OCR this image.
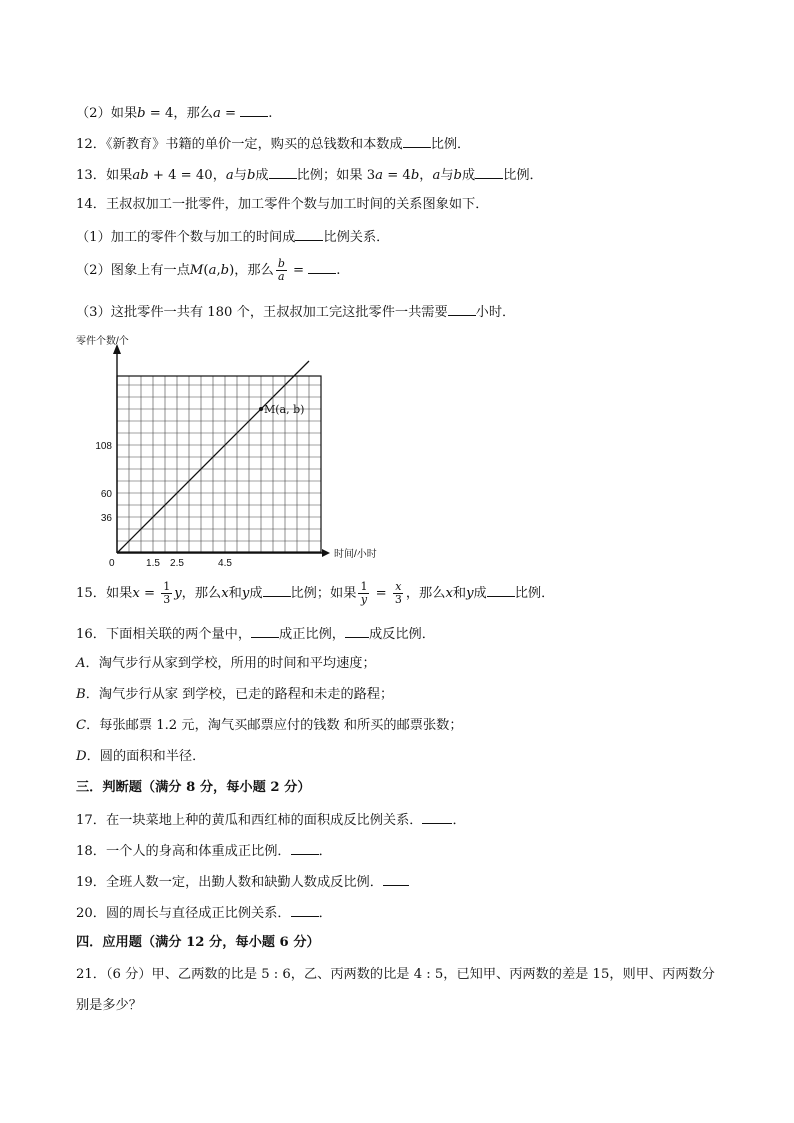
（2）如果b = 4，那么a = .
12．《新教育》书籍的单价一定，购买的总钱数和本数成 比例．
13．如果ab + 4 = 40，a与b成 比例；如果 3a = 4b，a与b成 比例．
14．王叔叔加工一批零件，加工零件个数与加工时间的关系图象如下．
（1）加工的零件个数与加工的时间成 比例关系．
（2）图象上有一点M(a,b)，那么 $\frac{b}{a}$ = .
（3）这批零件一共有 180 个，王叔叔加工完这批零件一共需要 小时．
零件个数/个
时间/小时
0	1.5 2.5	4.5
36
60
108
M(a, b)
15．如果$x = \frac{1}{3}$ y，那么x和y成 比例；如果 $\frac{1}{y} = \frac{x}{3}$ ，那么x和y成 比例．
16．下面相关联的两个量中， 成正比例， 成反比例．
A．淘气步行从家到学校，所用的时间和平均速度；
B．淘气步行从家 到学校，已走的路程和未走的路程；
C．每张邮票 1.2 元，淘气买邮票应付的钱数 和所买的邮票张数；
D．圆的面积和半径．
三．判断题（满分 8 分，每小题 2 分）
17．在一块菜地上种的黄瓜和西红柿的面积成反比例关系． ．
18．一个人的身高和体重成正比例． ．
19．全班人数一定，出勤人数和缺勤人数成反比例．
20．圆的周长与直径成正比例关系． ．
四．应用题（满分 12 分，每小题 6 分）
21．（6 分）甲、乙两数的比是 5 : 6，乙、丙两数的比是 4 : 5，已知甲、丙两数的差是 15，则甲、丙两数分
别是多少？
